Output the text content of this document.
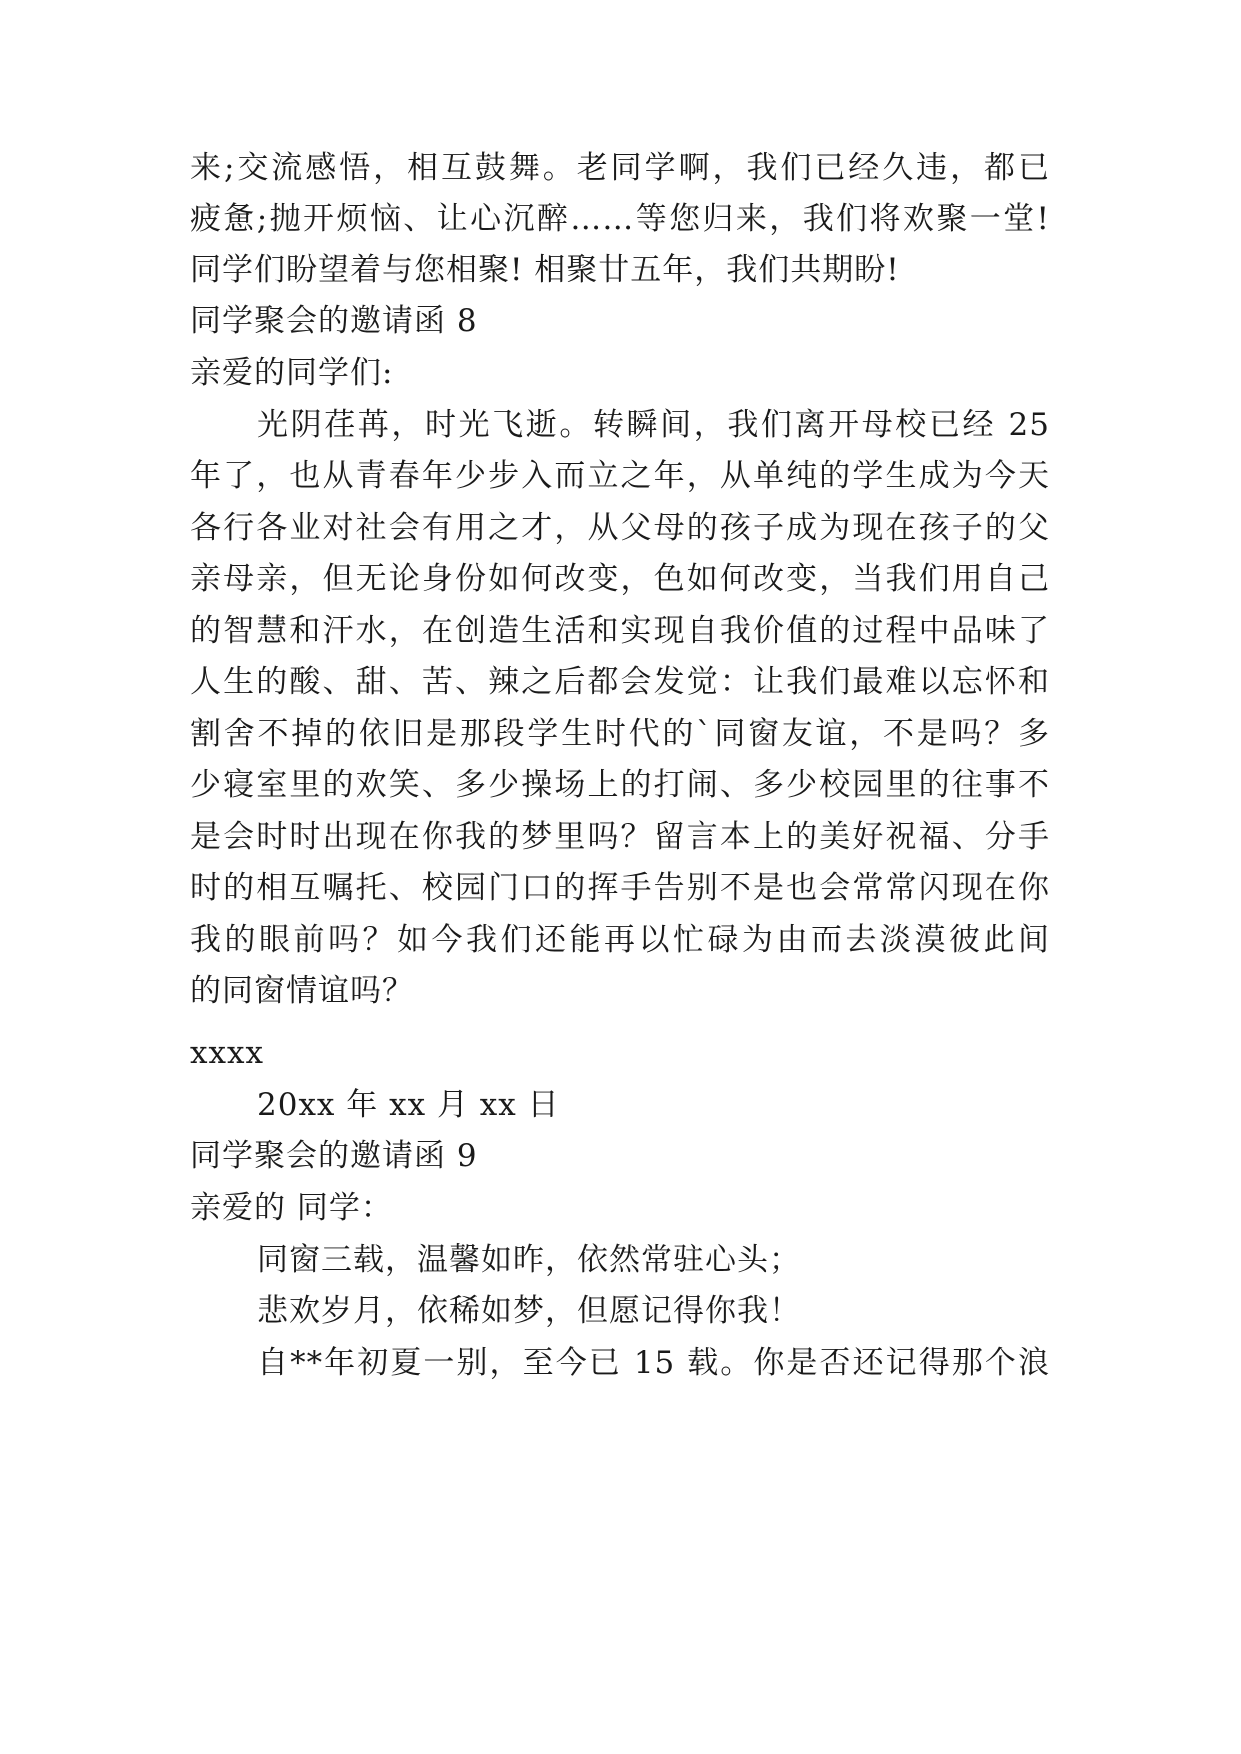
来;交流感悟，相互鼓舞。老同学啊，我们已经久违，都已
疲惫;抛开烦恼、让心沉醉……等您归来，我们将欢聚一堂!
同学们盼望着与您相聚! 相聚廿五年，我们共期盼!
同学聚会的邀请函 8
亲爱的同学们:
光阴荏苒，时光飞逝。转瞬间，我们离开母校已经 25
年了，也从青春年少步入而立之年，从单纯的学生成为今天
各行各业对社会有用之才，从父母的孩子成为现在孩子的父
亲母亲，但无论身份如何改变，色如何改变，当我们用自己
的智慧和汗水，在创造生活和实现自我价值的过程中品味了
人生的酸、甜、苦、辣之后都会发觉：让我们最难以忘怀和
割舍不掉的依旧是那段学生时代的`同窗友谊，不是吗？多
少寝室里的欢笑、多少操场上的打闹、多少校园里的往事不
是会时时出现在你我的梦里吗？留言本上的美好祝福、分手
时的相互嘱托、校园门口的挥手告别不是也会常常闪现在你
我的眼前吗？如今我们还能再以忙碌为由而去淡漠彼此间
的同窗情谊吗？
xxxx
20xx 年 xx 月 xx 日
同学聚会的邀请函 9
亲爱的 同学：
同窗三载，温馨如昨，依然常驻心头；
悲欢岁月，依稀如梦，但愿记得你我！
自**年初夏一别，至今已 15 载。你是否还记得那个浪
